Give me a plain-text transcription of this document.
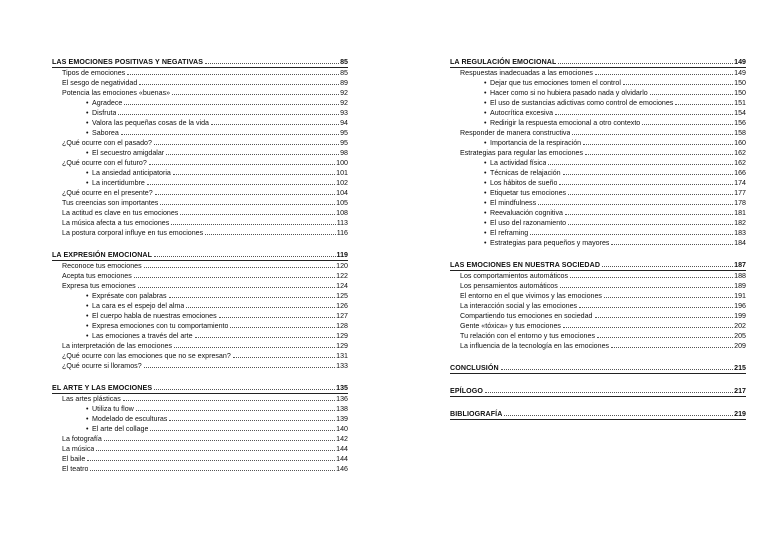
LAS EMOCIONES POSITIVAS Y NEGATIVAS	85
Tipos de emociones	85
El sesgo de negatividad	89
Potencia las emociones «buenas»	92
• Agradece	92
• Disfruta	93
• Valora las pequeñas cosas de la vida	94
• Saborea	95
¿Qué ocurre con el pasado?	95
• El secuestro amigdalar	98
¿Qué ocurre con el futuro?	100
• La ansiedad anticipatoria	101
• La incertidumbre	102
¿Qué ocurre en el presente?	104
Tus creencias son importantes	105
La actitud es clave en tus emociones	108
La música afecta a tus emociones	113
La postura corporal influye en tus emociones	116
LA EXPRESIÓN EMOCIONAL	119
Reconoce tus emociones	120
Acepta tus emociones	122
Expresa tus emociones	124
• Exprésate con palabras	125
• La cara es el espejo del alma	126
• El cuerpo habla de nuestras emociones	127
• Expresa emociones con tu comportamiento	128
• Las emociones a través del arte	129
La interpretación de las emociones	129
¿Qué ocurre con las emociones que no se expresan?	131
¿Qué ocurre si lloramos?	133
EL ARTE Y LAS EMOCIONES	135
Las artes plásticas	136
• Utiliza tu flow	138
• Modelado de esculturas	139
• El arte del collage	140
La fotografía	142
La música	144
El baile	144
El teatro	146
LA REGULACIÓN EMOCIONAL	149
Respuestas inadecuadas a las emociones	149
• Dejar que tus emociones tomen el control	150
• Hacer como si no hubiera pasado nada y olvidarlo	150
• El uso de sustancias adictivas como control de emociones	151
• Autocrítica excesiva	154
• Redirigir la respuesta emocional a otro contexto	156
Responder de manera constructiva	158
• Importancia de la respiración	160
Estrategias para regular las emociones	162
• La actividad física	162
• Técnicas de relajación	166
• Los hábitos de sueño	174
• Etiquetar tus emociones	177
• El mindfulness	178
• Reevaluación cognitiva	181
• El uso del razonamiento	182
• El reframing	183
• Estrategias para pequeños y mayores	184
LAS EMOCIONES EN NUESTRA SOCIEDAD	187
Los comportamientos automáticos	188
Los pensamientos automáticos	189
El entorno en el que vivimos y las emociones	191
La interacción social y las emociones	196
Compartiendo tus emociones en sociedad	199
Gente «tóxica» y tus emociones	202
Tu relación con el entorno y tus emociones	205
La influencia de la tecnología en las emociones	209
CONCLUSIÓN	215
EPÍLOGO	217
BIBLIOGRAFÍA	219
